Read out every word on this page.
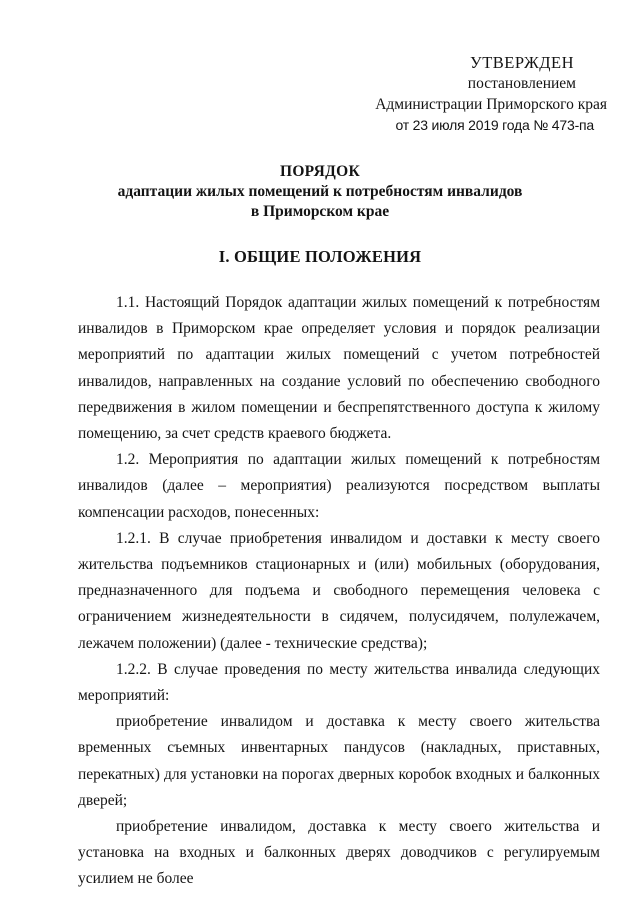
УТВЕРЖДЕН
постановлением
Администрации Приморского края
от 23 июля 2019 года № 473-па
ПОРЯДОК
адаптации жилых помещений к потребностям инвалидов
в Приморском крае
I. ОБЩИЕ ПОЛОЖЕНИЯ

1.1. Настоящий Порядок адаптации жилых помещений к потребностям инвалидов в Приморском крае определяет условия и порядок реализации мероприятий по адаптации жилых помещений с учетом потребностей инвалидов, направленных на создание условий по обеспечению свободного передвижения в жилом помещении и беспрепятственного доступа к жилому помещению, за счет средств краевого бюджета.

1.2. Мероприятия по адаптации жилых помещений к потребностям инвалидов (далее – мероприятия) реализуются посредством выплаты компенсации расходов, понесенных:

1.2.1. В случае приобретения инвалидом и доставки к месту своего жительства подъемников стационарных и (или) мобильных (оборудования, предназначенного для подъема и свободного перемещения человека с ограничением жизнедеятельности в сидячем, полусидячем, полулежачем, лежачем положении) (далее - технические средства);

1.2.2. В случае проведения по месту жительства инвалида следующих мероприятий:

приобретение инвалидом и доставка к месту своего жительства временных съемных инвентарных пандусов (накладных, приставных, перекатных) для установки на порогах дверных коробок входных и балконных дверей;

приобретение инвалидом, доставка к месту своего жительства и установка на входных и балконных дверях доводчиков с регулируемым усилием не более
